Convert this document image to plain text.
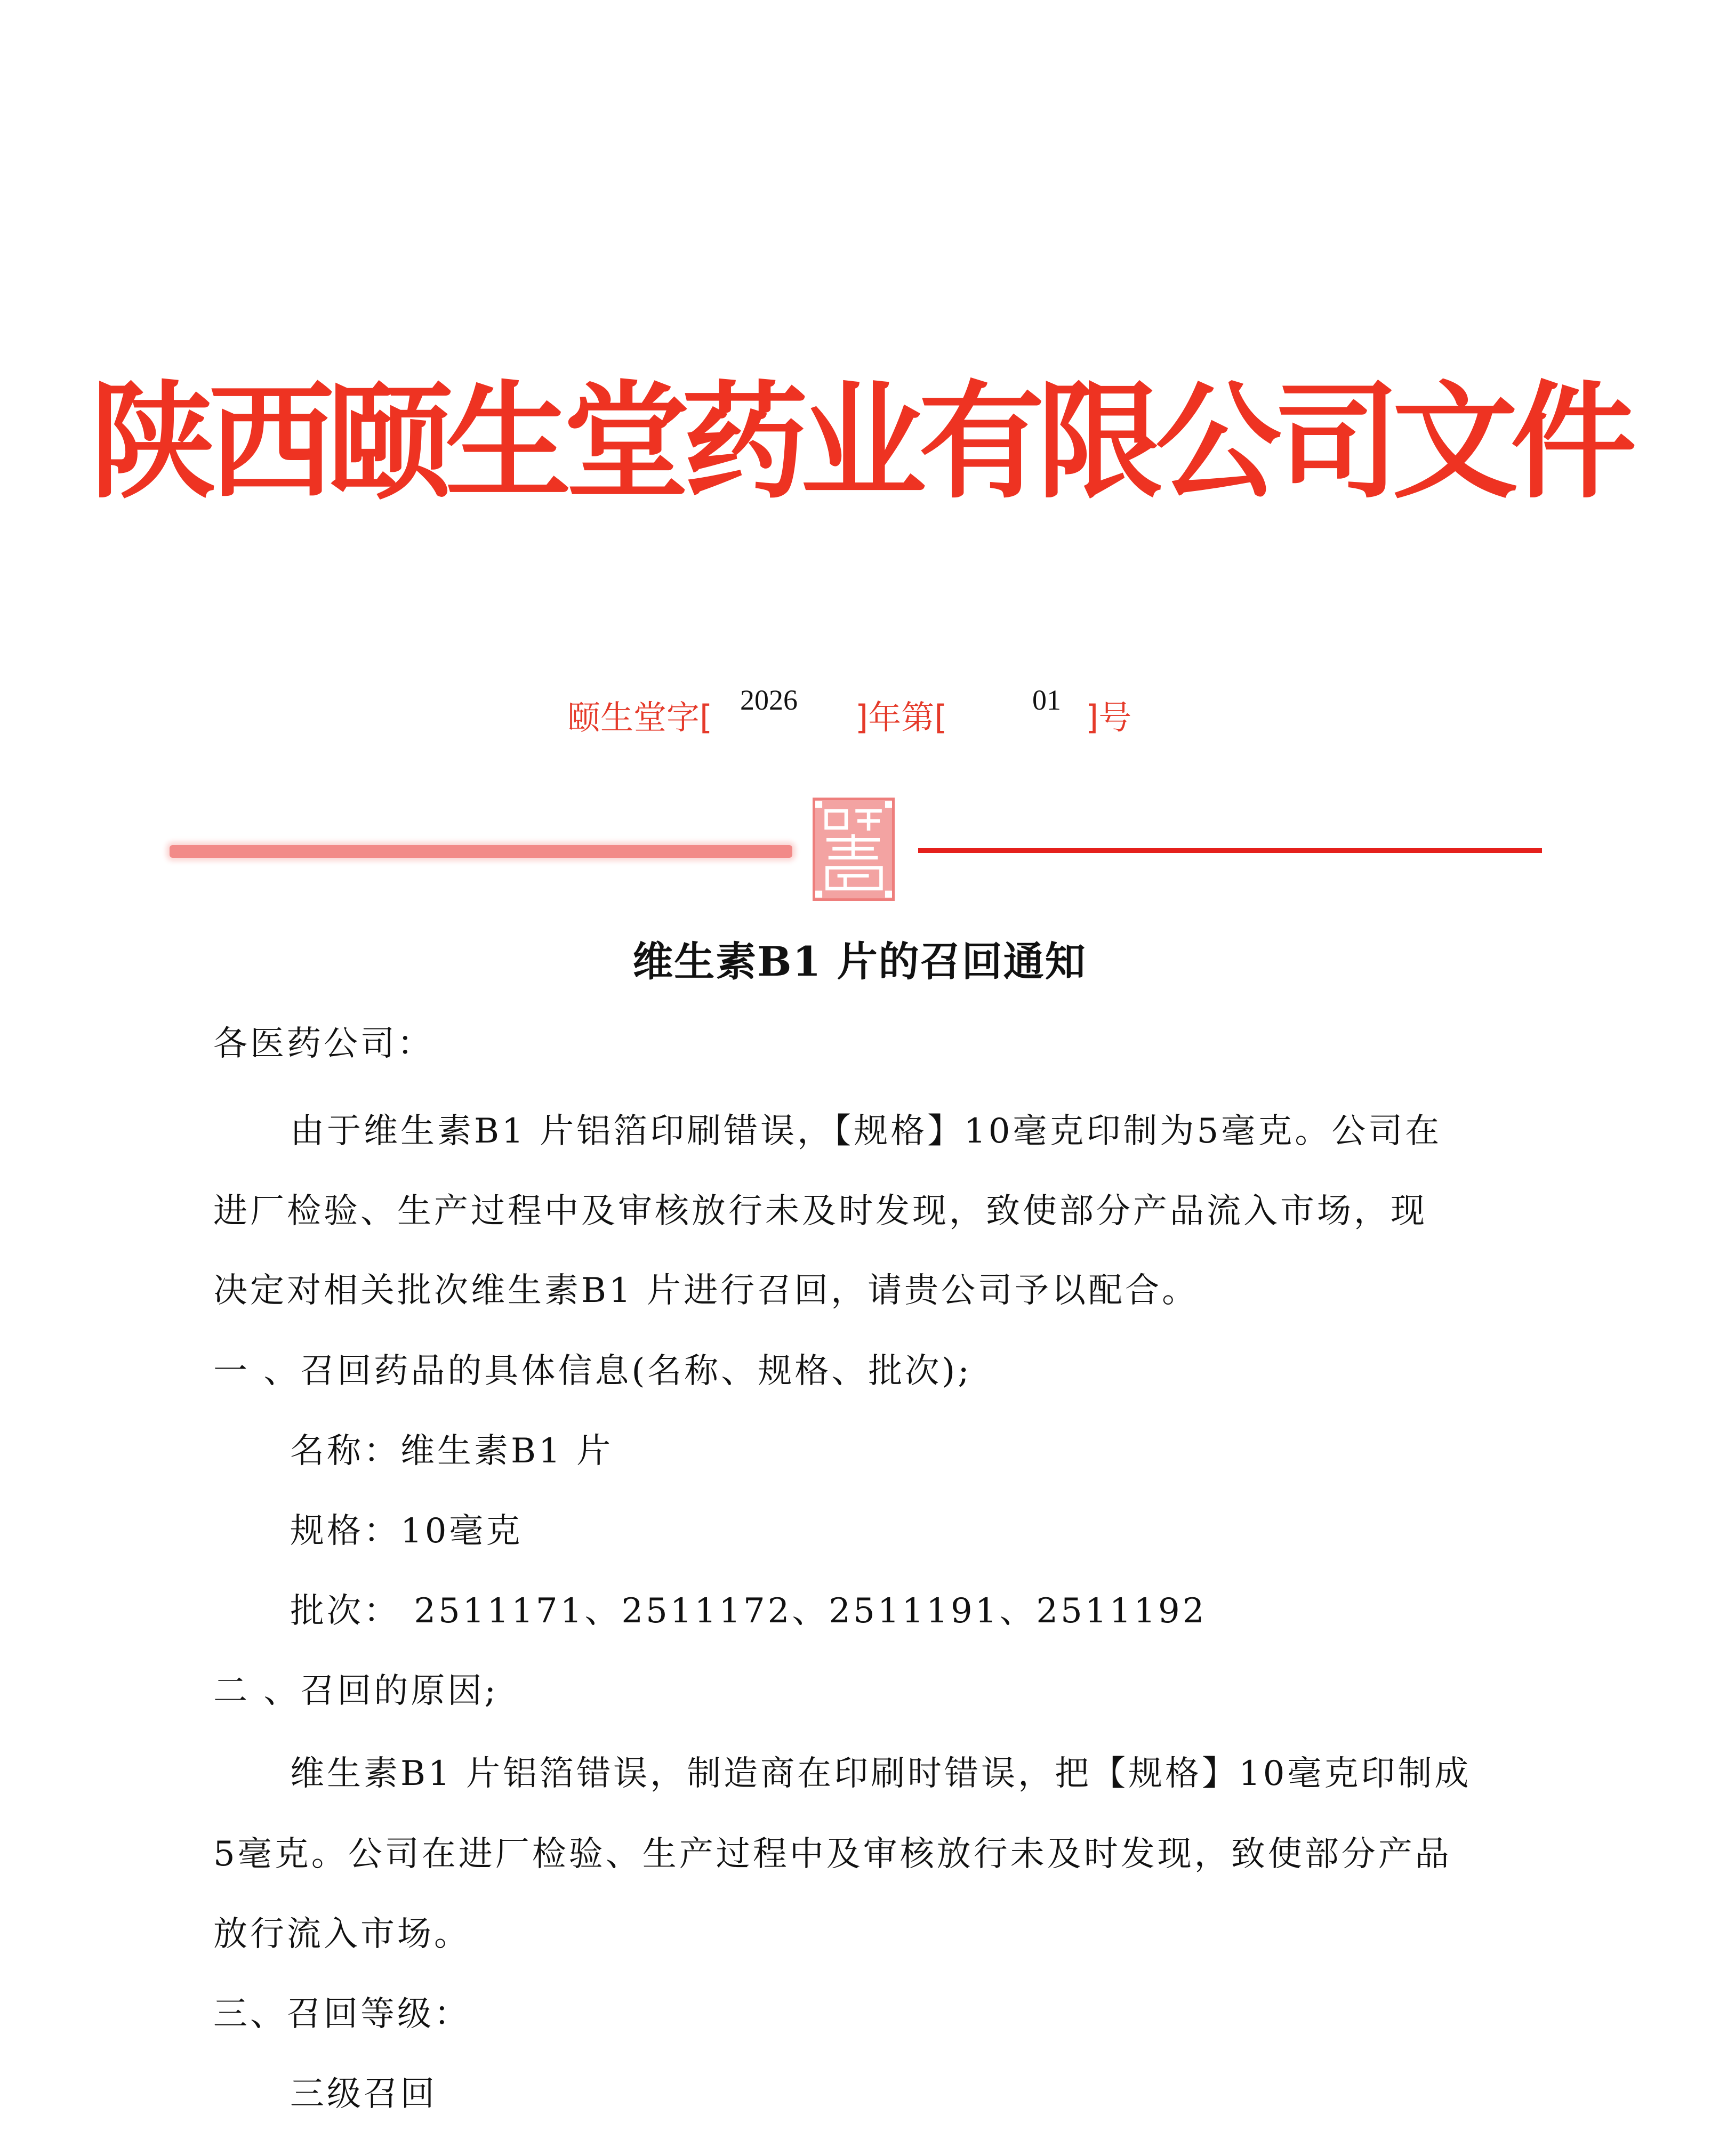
陕西颐生堂药业有限公司文件
颐生堂字[ 2026 ]年第[	01 ]号
维生素B1 片的召回通知
各医药公司：
由于维生素B1 片铝箔印刷错误，【规格】10毫克印制为5毫克。公司在
进厂检验、生产过程中及审核放行未及时发现，致使部分产品流入市场，现
决定对相关批次维生素B1 片进行召回，请贵公司予以配合。
一 、召回药品的具体信息(名称、规格、批次);
名称：维生素B1 片
规格：10毫克
批次： 2511171、2511172、2511191、2511192
二 、召回的原因;
维生素B1 片铝箔错误，制造商在印刷时错误，把【规格】10毫克印制成
5毫克。公司在进厂检验、生产过程中及审核放行未及时发现，致使部分产品
放行流入市场。
三、召回等级：
三级召回
